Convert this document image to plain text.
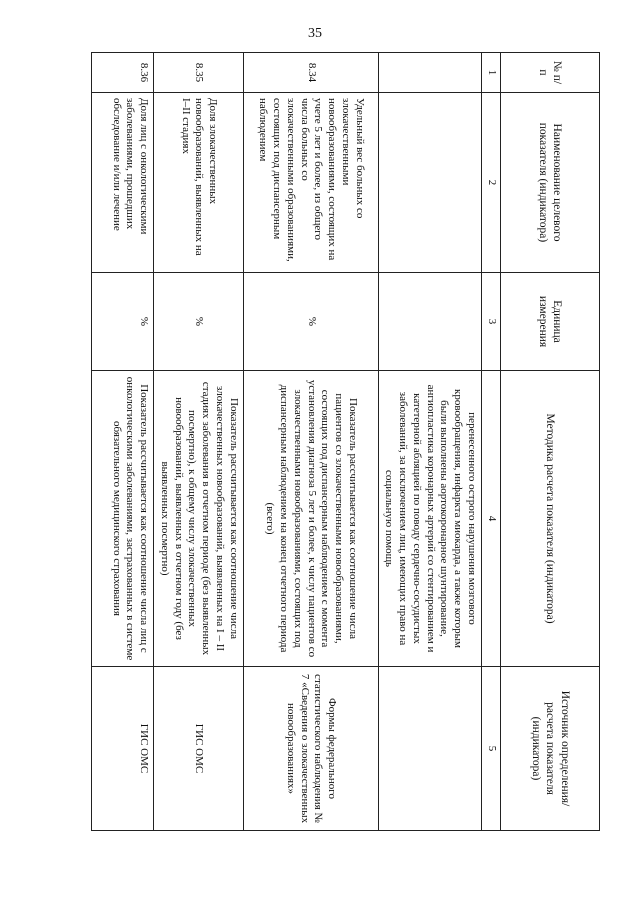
35
№ п/п	Наименование целевого показателя (индикатора)	Единица измерения	Методика расчета показателя (индикатора)	Источник определения/ расчета показателя (индикатора)
1	2	3	4	5
			перенесенного острого нарушения мозгового кровообращения, инфаркта миокарда, а также которым были выполнены аортокоронарное шунтирование, ангиопластика коронарных артерий со стентированием и катетерной абляцией по поводу сердечно-сосудистых заболеваний, за исключением лиц, имеющих право на социальную помощь	
8.34	Удельный вес больных со злокачественными новообразованиями, состоящих на учете 5 лет и более, из общего числа больных со злокачественными образованиями, состоящих под диспансерным наблюдением	%	Показатель рассчитывается как соотношение числа пациентов со злокачественными новообразованиями, состоящих под диспансерным наблюдением с момента установления диагноза 5 лет и более, к числу пациентов со злокачественными новообразованиями, состоящих под диспансерным наблюдением на конец отчетного периода (всего)	Формы федерального статистического наблюдения № 7 «Сведения о злокачественных новообразованиях»
8.35	Доля злокачественных новообразований, выявленных на I–II стадиях	%	Показатель рассчитывается как соотношение числа злокачественных новообразований, выявленных на I – II стадиях заболевания в отчетном периоде (без выявленных посмертно), к общему числу злокачественных новообразований, выявленных в отчетном году (без выявленных посмертно)	ГИС ОМС
8.36	Доля лиц с онкологическими заболеваниями, прошедших обследование и/или лечение	%	Показатель рассчитывается как соотношение числа лиц с онкологическими заболеваниями, застрахованных в системе обязательного медицинского страхования	ГИС ОМС
